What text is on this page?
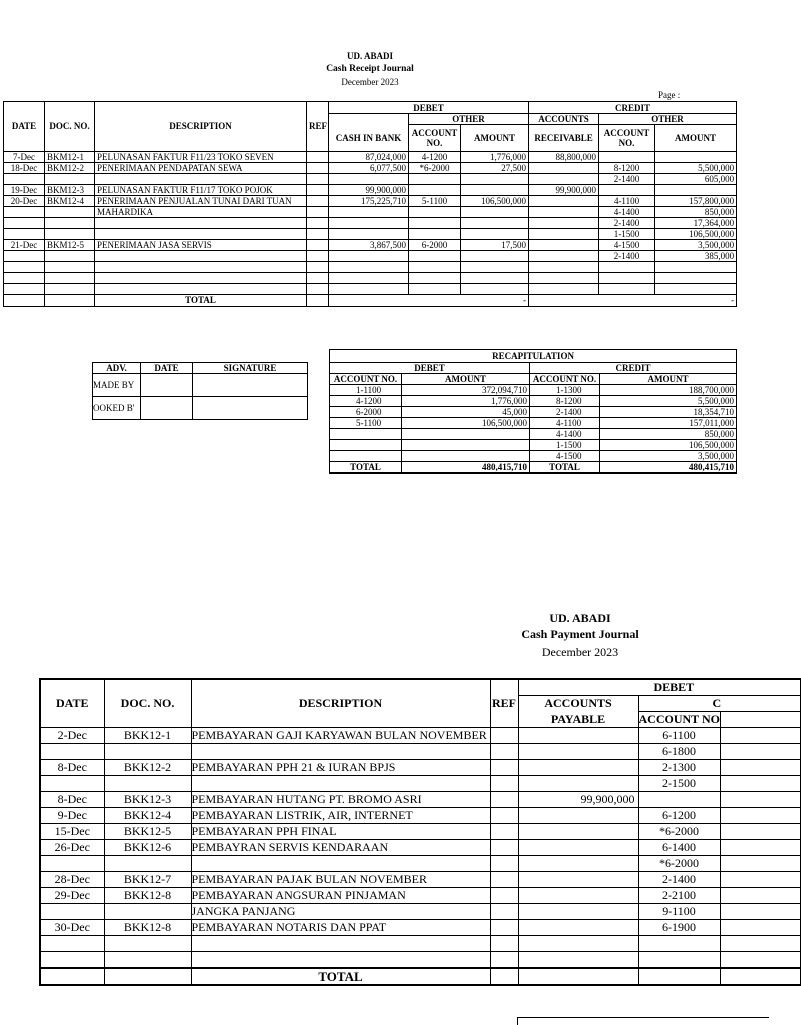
UD. ABADI
Cash Receipt Journal
December 2023
Page :
DATE	DOC. NO.	DESCRIPTION	REF	DEBET			CREDIT		
					OTHER		ACCOUNTS	OTHER	
				CASH IN BANK	ACCOUNT NO.	AMOUNT	RECEIVABLE	ACCOUNT NO.	AMOUNT

7-Dec	BKM12-1	PELUNASAN FAKTUR F11/23 TOKO SEVEN		87,024,000	4-1200	1,776,000	88,800,000		
18-Dec	BKM12-2	PENERIMAAN PENDAPATAN SEWA		6,077,500	*6-2000	27,500		8-1200	5,500,000
								2-1400	605,000
19-Dec	BKM12-3	PELUNASAN FAKTUR F11/17 TOKO POJOK		99,900,000			99,900,000		
20-Dec	BKM12-4	PENERIMAAN PENJUALAN TUNAI DARI TUAN		175,225,710	5-1100	106,500,000		4-1100	157,800,000
		MAHARDIKA						4-1400	850,000
								2-1400	17,364,000
								1-1500	106,500,000
21-Dec	BKM12-5	PENERIMAAN JASA SERVIS		3,867,500	6-2000	17,500		4-1500	3,500,000
								2-1400	385,000

		TOTAL		-			-		
ADV.	DATE	SIGNATURE
MADE BY		
OOKED B'		
RECAPITULATION			
DEBET		CREDIT	
ACCOUNT NO.	AMOUNT	ACCOUNT NO.	AMOUNT
1-1100	372,094,710	1-1300	188,700,000
4-1200	1,776,000	8-1200	5,500,000
6-2000	45,000	2-1400	18,354,710
5-1100	106,500,000	4-1100	157,011,000
		4-1400	850,000
		1-1500	106,500,000
		4-1500	3,500,000
TOTAL	480,415,710	TOTAL	480,415,710
UD. ABADI
Cash Payment Journal
December 2023
DATE	DOC. NO.	DESCRIPTION	REF	DEBET		
				ACCOUNTS	C	
				PAYABLE	ACCOUNT NO	
2-Dec	BKK12-1	PEMBAYARAN GAJI KARYAWAN BULAN NOVEMBER			6-1100	
					6-1800	
8-Dec	BKK12-2	PEMBAYARAN PPH 21 & IURAN BPJS			2-1300	
					2-1500	
8-Dec	BKK12-3	PEMBAYARAN HUTANG PT. BROMO ASRI		99,900,000		
9-Dec	BKK12-4	PEMBAYARAN LISTRIK, AIR, INTERNET			6-1200	
15-Dec	BKK12-5	PEMBAYARAN PPH FINAL			*6-2000	
26-Dec	BKK12-6	PEMBAYRAN SERVIS KENDARAAN			6-1400	
					*6-2000	
28-Dec	BKK12-7	PEMBAYARAN PAJAK BULAN NOVEMBER			2-1400	
29-Dec	BKK12-8	PEMBAYARAN ANGSURAN PINJAMAN			2-2100	
		JANGKA PANJANG			9-1100	
30-Dec	BKK12-8	PEMBAYARAN NOTARIS DAN PPAT			6-1900	

		TOTAL				
